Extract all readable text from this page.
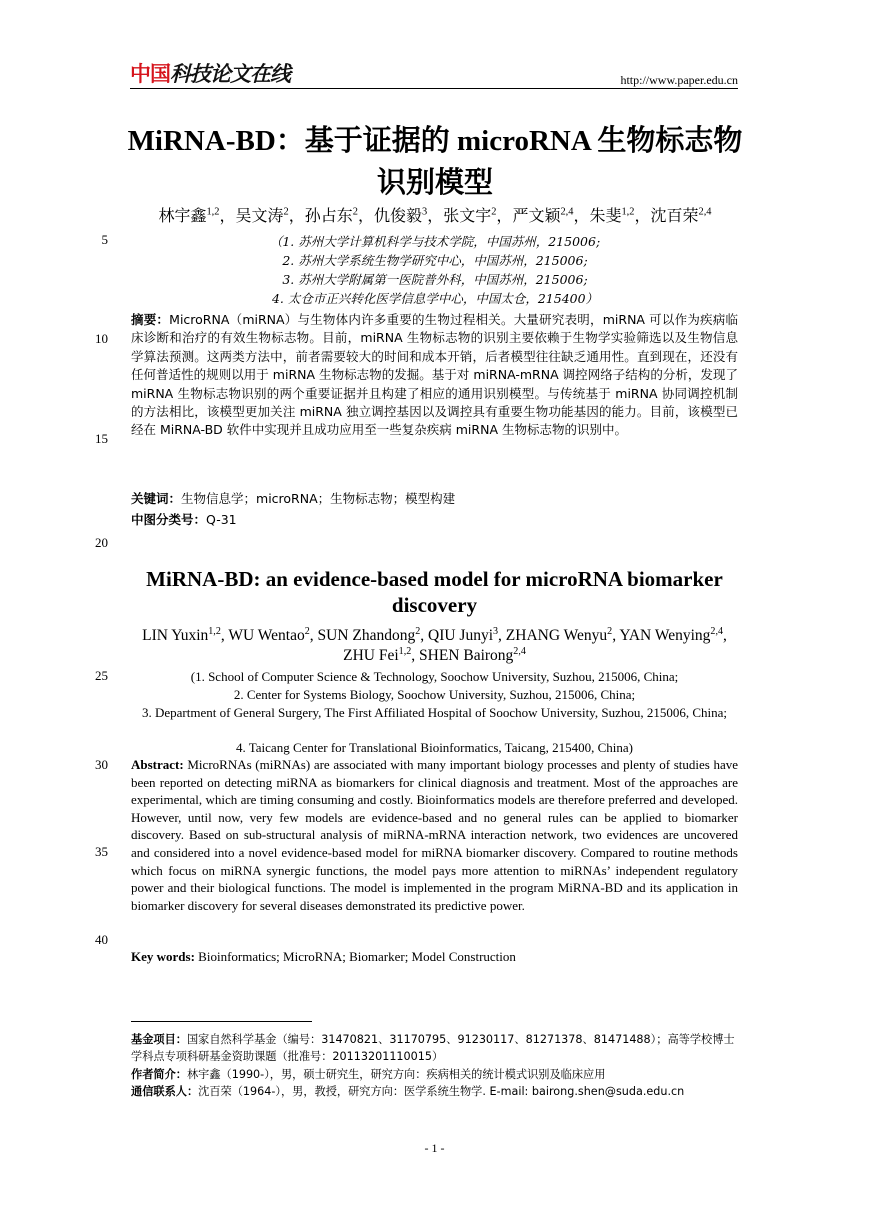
中国科技论文在线	http://www.paper.edu.cn
MiRNA-BD：基于证据的 microRNA 生物标志物识别模型
林宇鑫$^{1,2}$，吴文涛$^2$，孙占东$^2$，仇俊毅$^3$，张文宇$^2$，严文颖$^{2,4}$，朱斐$^{1,2}$，沈百荣$^{2,4}$
（1. 苏州大学计算机科学与技术学院，中国苏州，215006;
2. 苏州大学系统生物学研究中心，中国苏州，215006;
3. 苏州大学附属第一医院普外科，中国苏州，215006;
4. 太仓市正兴转化医学信息学中心，中国太仓，215400）
5
10
15
20
25
30
35
40
摘要：MicroRNA（miRNA）与生物体内许多重要的生物过程相关。大量研究表明，miRNA 可以作为疾病临床诊断和治疗的有效生物标志物。目前，miRNA 生物标志物的识别主要依赖于生物学实验筛选以及生物信息学算法预测。这两类方法中，前者需要较大的时间和成本开销，后者模型往往缺乏通用性。直到现在，还没有任何普适性的规则以用于 miRNA 生物标志物的发掘。基于对 miRNA-mRNA 调控网络子结构的分析，发现了 miRNA 生物标志物识别的两个重要证据并且构建了相应的通用识别模型。与传统基于 miRNA 协同调控机制的方法相比，该模型更加关注 miRNA 独立调控基因以及调控具有重要生物功能基因的能力。目前，该模型已经在 MiRNA-BD 软件中实现并且成功应用至一些复杂疾病 miRNA 生物标志物的识别中。
关键词：生物信息学；microRNA；生物标志物；模型构建
中图分类号：Q-31
MiRNA-BD: an evidence-based model for microRNA biomarker discovery
LIN Yuxin$^{1,2}$, WU Wentao$^2$, SUN Zhandong$^2$, QIU Junyi$^3$, ZHANG Wenyu$^2$, YAN Wenying$^{2,4}$, ZHU Fei$^{1,2}$, SHEN Bairong$^{2,4}$
(1. School of Computer Science & Technology, Soochow University, Suzhou, 215006, China;
2. Center for Systems Biology, Soochow University, Suzhou, 215006, China;
3. Department of General Surgery, The First Affiliated Hospital of Soochow University, Suzhou, 215006, China;
4. Taicang Center for Translational Bioinformatics, Taicang, 215400, China)
Abstract: MicroRNAs (miRNAs) are associated with many important biology processes and plenty of studies have been reported on detecting miRNA as biomarkers for clinical diagnosis and treatment. Most of the approaches are experimental, which are timing consuming and costly. Bioinformatics models are therefore preferred and developed. However, until now, very few models are evidence-based and no general rules can be applied to biomarker discovery. Based on sub-structural analysis of miRNA-mRNA interaction network, two evidences are uncovered and considered into a novel evidence-based model for miRNA biomarker discovery. Compared to routine methods which focus on miRNA synergic functions, the model pays more attention to miRNAs’ independent regulatory power and their biological functions. The model is implemented in the program MiRNA-BD and its application in biomarker discovery for several diseases demonstrated its predictive power.
Key words: Bioinformatics; MicroRNA; Biomarker; Model Construction
基金项目：国家自然科学基金（编号：31470821、31170795、91230117、81271378、81471488）；高等学校博士学科点专项科研基金资助课题（批准号：20113201110015）
作者简介：林宇鑫（1990-），男，硕士研究生，研究方向：疾病相关的统计模式识别及临床应用
通信联系人：沈百荣（1964-），男，教授，研究方向：医学系统生物学. E-mail: bairong.shen@suda.edu.cn
- 1 -
